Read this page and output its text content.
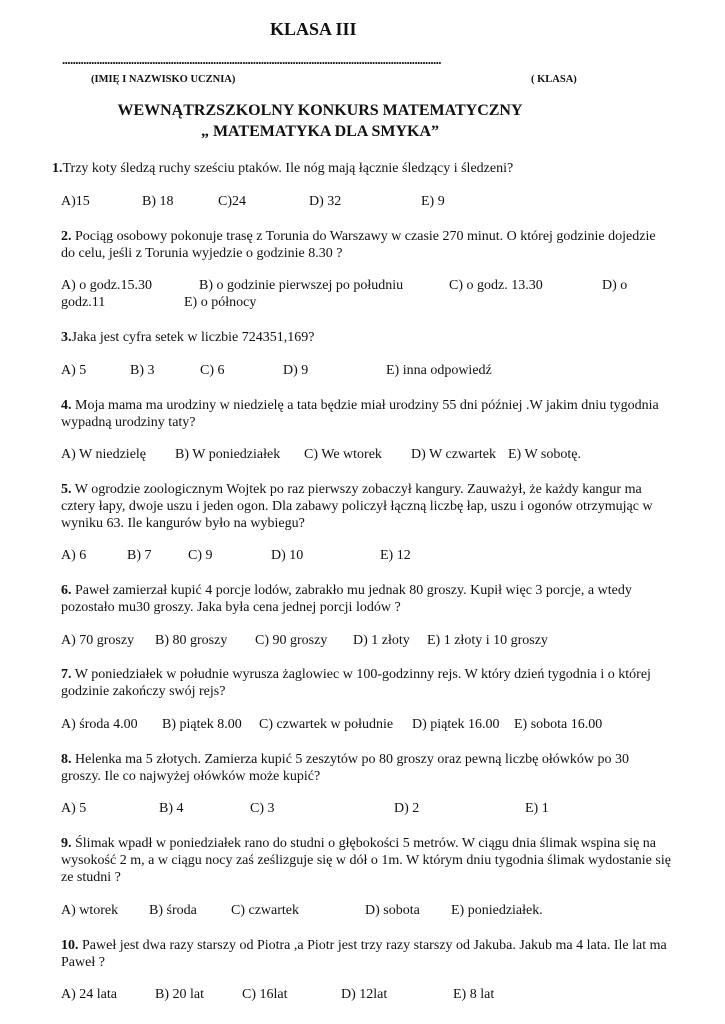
KLASA III
...............................................................................................................................................
(IMIĘ I NAZWISKO UCZNIA)	( KLASA)
WEWNĄTRZSZKOLNY KONKURS MATEMATYCZNY
„ MATEMATYKA DLA SMYKA”
1.Trzy koty śledzą ruchy sześciu ptaków. Ile nóg mają łącznie śledzący i śledzeni?
A)15	B) 18	C)24	D) 32	E) 9
2. Pociąg osobowy pokonuje trasę z Torunia do Warszawy w czasie 270 minut. O której godzinie dojedzie do celu, jeśli z Torunia wyjedzie o godzinie 8.30 ?
A) o godz.15.30	B) o godzinie pierwszej po południu	C) o godz. 13.30	D) o
godz.11	E) o północy
3.Jaka jest cyfra setek w liczbie 724351,169?
A) 5	B) 3	C) 6	D) 9	E) inna odpowiedź
4. Moja mama ma urodziny w niedzielę a tata będzie miał urodziny 55 dni później .W jakim dniu tygodnia wypadną urodziny taty?
A) W niedzielę B) W poniedziałek C) We wtorek D) W czwartek E) W sobotę.
5. W ogrodzie zoologicznym Wojtek po raz pierwszy zobaczył kangury. Zauważył, że każdy kangur ma cztery łapy, dwoje uszu i jeden ogon. Dla zabawy policzył łączną liczbę łap, uszu i ogonów otrzymując w wyniku 63. Ile kangurów było na wybiegu?
A) 6	B) 7	C) 9	D) 10	E) 12
6. Paweł zamierzał kupić 4 porcje lodów, zabrakło mu jednak 80 groszy. Kupił więc 3 porcje, a wtedy pozostało mu30 groszy. Jaka była cena jednej porcji lodów ?
A) 70 groszy B) 80 groszy C) 90 groszy D) 1 złoty E) 1 złoty i 10 groszy
7. W poniedziałek w południe wyrusza żaglowiec w 100-godzinny rejs. W który dzień tygodnia i o której godzinie zakończy swój rejs?
A) środa 4.00 B) piątek 8.00 C) czwartek w południe D) piątek 16.00 E) sobota 16.00
8. Helenka ma 5 złotych. Zamierza kupić 5 zeszytów po 80 groszy oraz pewną liczbę ołówków po 30 groszy. Ile co najwyżej ołówków może kupić?
A) 5	B) 4	C) 3	D) 2	E) 1
9. Ślimak wpadł w poniedziałek rano do studni o głębokości 5 metrów. W ciągu dnia ślimak wspina się na wysokość 2 m, a w ciągu nocy zaś ześlizguje się w dół o 1m. W którym dniu tygodnia ślimak wydostanie się ze studni ?
A) wtorek B) środa C) czwartek	D) sobota E) poniedziałek.
10. Paweł jest dwa razy starszy od Piotra ,a Piotr jest trzy razy starszy od Jakuba. Jakub ma 4 lata. Ile lat ma Paweł ?
A) 24 lata	B) 20 lat	C) 16lat	D) 12lat	E) 8 lat
